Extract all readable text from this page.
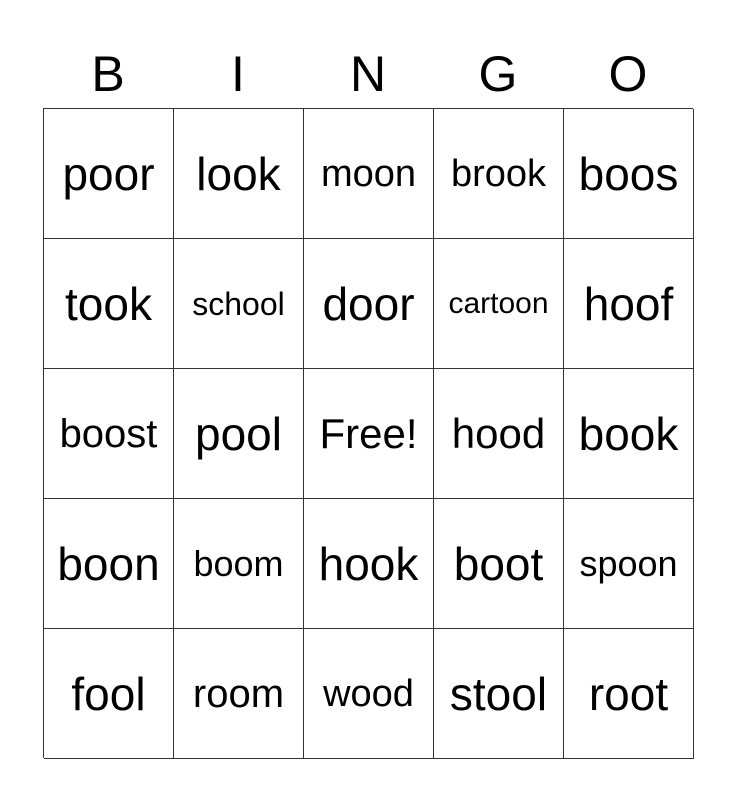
B	I	N	G	O
poor look	moon brook boos
took	school door	cartoon hoof
boost pool Free! hood book
boon boom hook boot	spoon
fool	room	wood stool root
